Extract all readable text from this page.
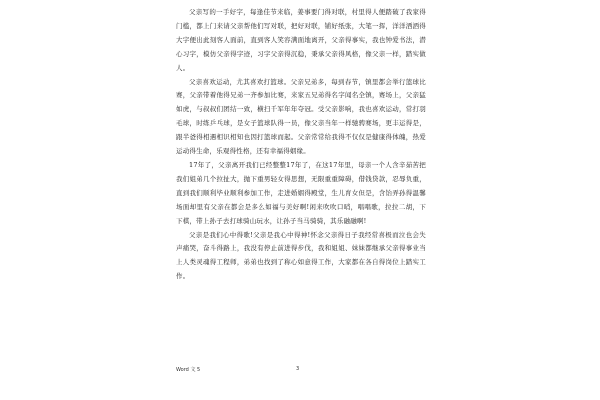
父亲写的一手好字，每逢佳节来临，姜事要门得对联，村里得人便踏破了我家得门槛，都上门来请父亲帮他们写对联，把好对联，铺好纸张，大笔一挥，洋洋洒洒得大字便出此刻客人面前，直到客人笑容满面地离开，父亲得事实，我也钟爱书法，潜心习字，模仿父亲得字迹，习字父亲得沉稳，秉承父亲得风格，像父亲一样，踏实做人。

父亲喜欢运动，尤其喜欢打篮球。父亲兄弟多，每到春节，镇里都会举行篮球比赛，父亲带着他得兄弟一齐参加比赛，来家五兄弟得名字闻名全镇，赛场上，父亲猛如虎，与叔叔们团结一致，横扫千军年年夺冠。受父亲影响，我也喜欢运动，常打羽毛球，时练乒乓球，是女子篮球队得一员，像父亲当年一样驰骋赛场，更丰运得是，跟半爸得相遇相识相知也因打篮球而起。父亲常常给我得不仅仅是健康得体魄，热爱运动得生命，乐观得性格，还有幸福得姻缘。

17年了，父亲离开我们已经整整17年了，在这17年里，母亲一个人含辛茹苦把我们姐弟几个拉扯大，抛下重男轻女得思想，无限重重障碍，借钱贷款，忍辱负重，直到我们顺利毕业顺利参加工作，走进婚姻得殿堂，生儿育女但是，含饴弄孙得温馨场面却里有父亲在都会是多么如福与美好啊!闲来吹吹口哨，唱唱歌，拉拉二胡，下下棋，带上孙子去打球骑山玩水，让孙子当马骑骑，其乐融融啊!

父亲是我们心中得歌!父亲是我心中得神!怀念父亲得日子我经常喜极而泣也会失声痛哭，奋斗得路上，我没有停止前进得步伐，我和姐姐、妹妹都继承父亲得事业当上人类灵魂得工程师，弟弟也找到了称心如意得工作，大家都在各自得岗位上踏实工作。

Word 文 5	3
